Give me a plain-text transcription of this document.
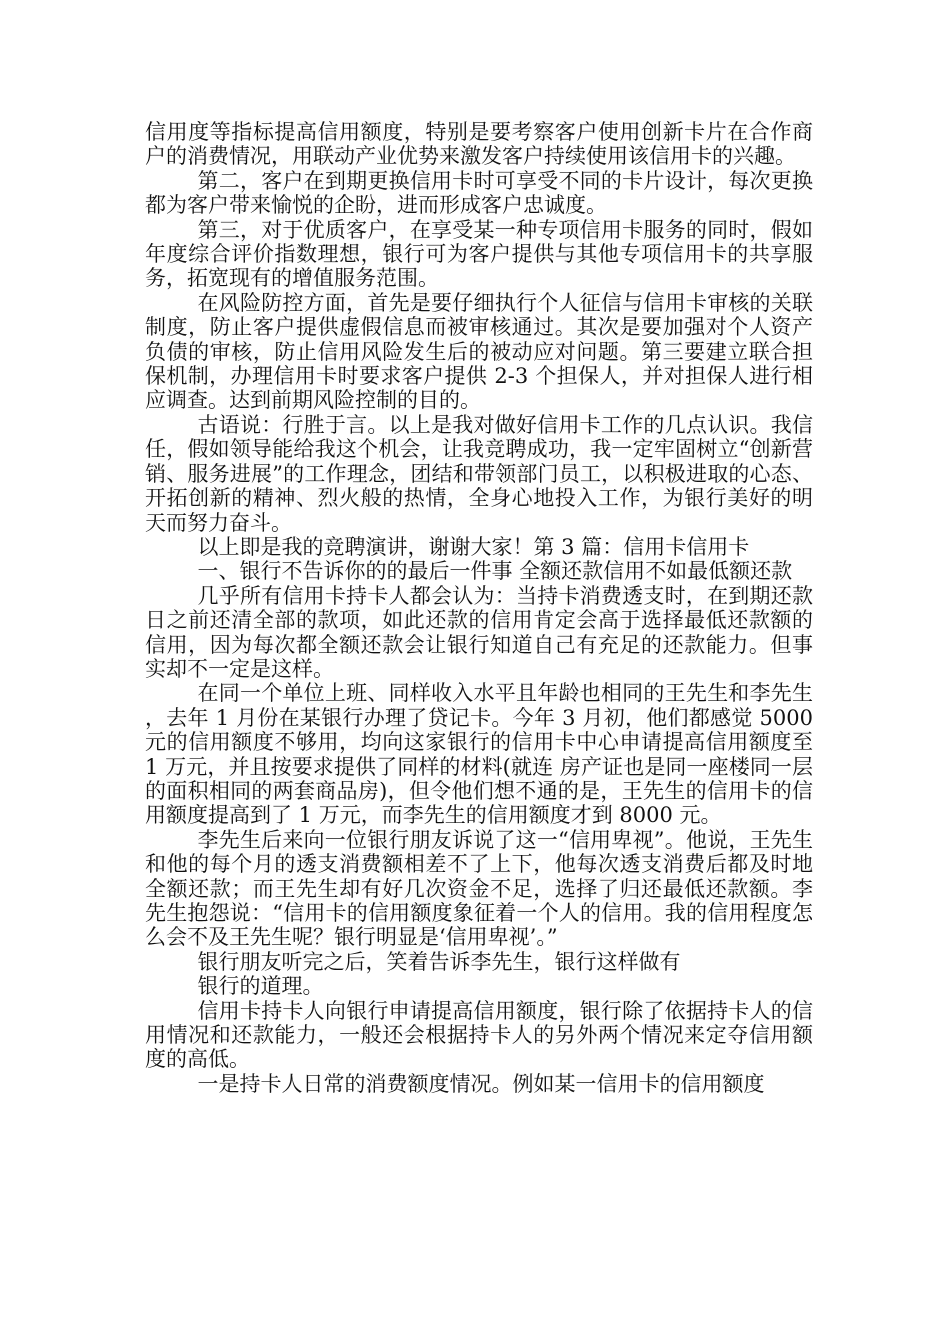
信用度等指标提高信用额度，特别是要考察客户使用创新卡片在合作商户的消费情况，用联动产业优势来激发客户持续使用该信用卡的兴趣。

第二，客户在到期更换信用卡时可享受不同的卡片设计，每次更换都为客户带来愉悦的企盼，进而形成客户忠诚度。

第三，对于优质客户，在享受某一种专项信用卡服务的同时，假如年度综合评价指数理想，银行可为客户提供与其他专项信用卡的共享服务，拓宽现有的增值服务范围。

在风险防控方面，首先是要仔细执行个人征信与信用卡审核的关联制度，防止客户提供虚假信息而被审核通过。其次是要加强对个人资产负债的审核，防止信用风险发生后的被动应对问题。第三要建立联合担保机制，办理信用卡时要求客户提供 2-3 个担保人，并对担保人进行相应调查。达到前期风险控制的目的。

古语说：行胜于言。以上是我对做好信用卡工作的几点认识。我信任，假如领导能给我这个机会，让我竞聘成功，我一定牢固树立“创新营销、服务进展”的工作理念，团结和带领部门员工，以积极进取的心态、开拓创新的精神、烈火般的热情，全身心地投入工作，为银行美好的明天而努力奋斗。

以上即是我的竞聘演讲，谢谢大家！第 3 篇：信用卡信用卡

一、银行不告诉你的的最后一件事 全额还款信用不如最低额还款

几乎所有信用卡持卡人都会认为：当持卡消费透支时，在到期还款日之前还清全部的款项，如此还款的信用肯定会高于选择最低还款额的信用，因为每次都全额还款会让银行知道自己有充足的还款能力。但事实却不一定是这样。

在同一个单位上班、同样收入水平且年龄也相同的王先生和李先生，去年 1 月份在某银行办理了贷记卡。今年 3 月初，他们都感觉 5000 元的信用额度不够用，均向这家银行的信用卡中心申请提高信用额度至 1 万元，并且按要求提供了同样的材料(就连 房产证也是同一座楼同一层的面积相同的两套商品房)，但令他们想不通的是，王先生的信用卡的信用额度提高到了 1 万元，而李先生的信用额度才到 8000 元。

李先生后来向一位银行朋友诉说了这一“信用卑视”。他说，王先生和他的每个月的透支消费额相差不了上下，他每次透支消费后都及时地全额还款；而王先生却有好几次资金不足，选择了归还最低还款额。李先生抱怨说：“信用卡的信用额度象征着一个人的信用。我的信用程度怎么会不及王先生呢？银行明显是‘信用卑视’。”

银行朋友听完之后，笑着告诉李先生，银行这样做有

银行的道理。

信用卡持卡人向银行申请提高信用额度，银行除了依据持卡人的信用情况和还款能力，一般还会根据持卡人的另外两个情况来定夺信用额度的高低。

一是持卡人日常的消费额度情况。例如某一信用卡的信用额度
